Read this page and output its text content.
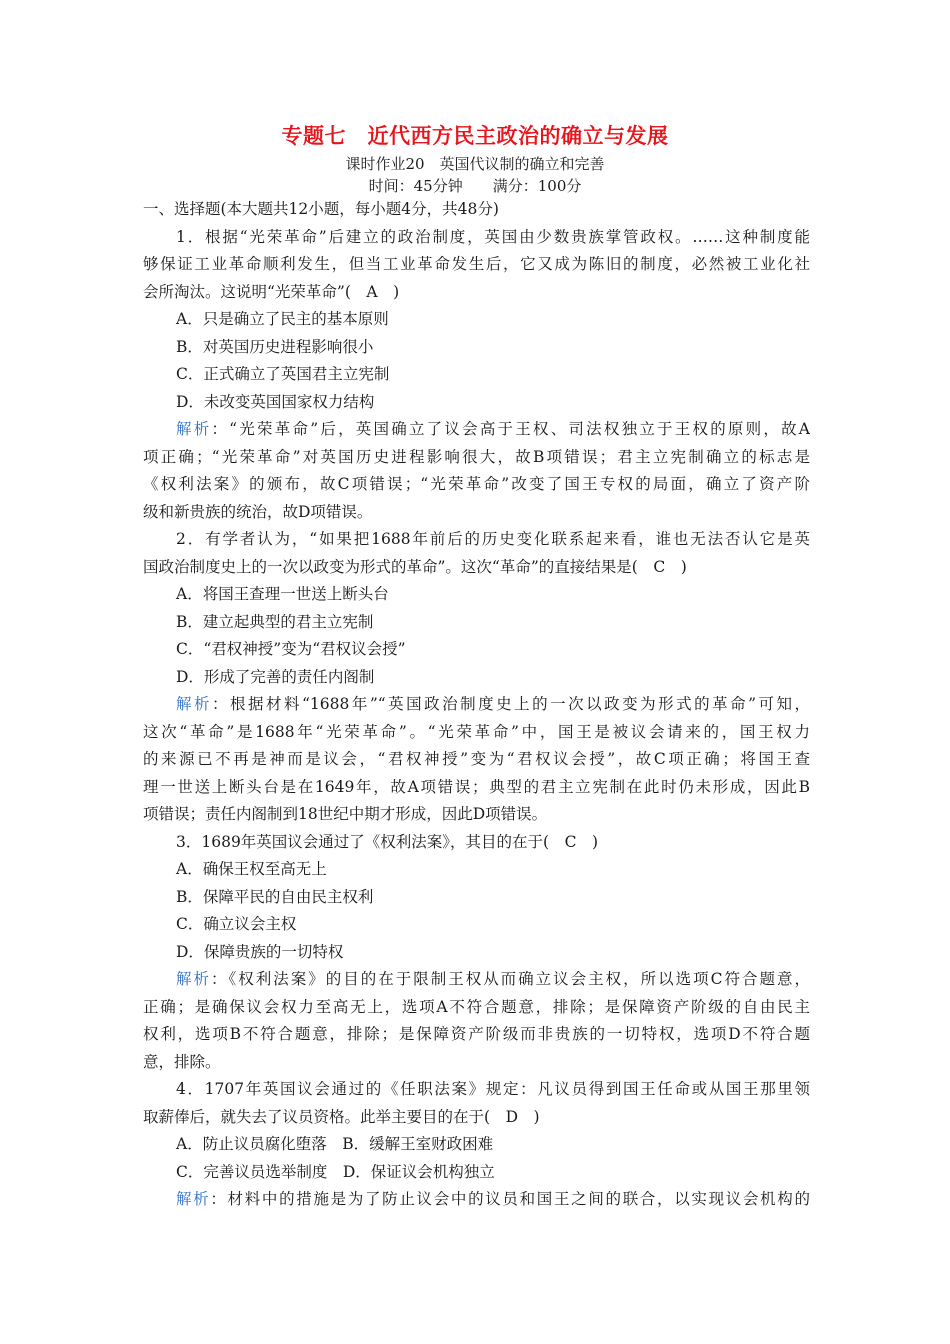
专题七　近代西方民主政治的确立与发展
课时作业20　英国代议制的确立和完善
时间：45分钟　　满分：100分
一、选择题(本大题共12小题，每小题4分，共48分)
1．根据“光荣革命”后建立的政治制度，英国由少数贵族掌管政权。……这种制度能
够保证工业革命顺利发生，但当工业革命发生后，它又成为陈旧的制度，必然被工业化社
会所淘汰。这说明“光荣革命”(　A　)
A．只是确立了民主的基本原则
B．对英国历史进程影响很小
C．正式确立了英国君主立宪制
D．未改变英国国家权力结构
解析：“光荣革命”后，英国确立了议会高于王权、司法权独立于王权的原则，故A
项正确；“光荣革命”对英国历史进程影响很大，故B项错误；君主立宪制确立的标志是
《权利法案》的颁布，故C项错误；“光荣革命”改变了国王专权的局面，确立了资产阶
级和新贵族的统治，故D项错误。
2．有学者认为，“如果把1688年前后的历史变化联系起来看，谁也无法否认它是英
国政治制度史上的一次以政变为形式的革命”。这次“革命”的直接结果是(　C　)
A．将国王查理一世送上断头台
B．建立起典型的君主立宪制
C．“君权神授”变为“君权议会授”
D．形成了完善的责任内阁制
解析：根据材料“1688年”“英国政治制度史上的一次以政变为形式的革命”可知，
这次“革命”是1688年“光荣革命”。“光荣革命”中，国王是被议会请来的，国王权力
的来源已不再是神而是议会，“君权神授”变为“君权议会授”，故C项正确；将国王查
理一世送上断头台是在1649年，故A项错误；典型的君主立宪制在此时仍未形成，因此B
项错误；责任内阁制到18世纪中期才形成，因此D项错误。
3．1689年英国议会通过了《权利法案》，其目的在于(　C　)
A．确保王权至高无上
B．保障平民的自由民主权利
C．确立议会主权
D．保障贵族的一切特权
解析：《权利法案》的目的在于限制王权从而确立议会主权，所以选项C符合题意，
正确；是确保议会权力至高无上，选项A不符合题意，排除；是保障资产阶级的自由民主
权利，选项B不符合题意，排除；是保障资产阶级而非贵族的一切特权，选项D不符合题
意，排除。
4．1707年英国议会通过的《任职法案》规定：凡议员得到国王任命或从国王那里领
取薪俸后，就失去了议员资格。此举主要目的在于(　D　)
A．防止议员腐化堕落　B．缓解王室财政困难
C．完善议员选举制度　D．保证议会机构独立
解析：材料中的措施是为了防止议会中的议员和国王之间的联合，以实现议会机构的
